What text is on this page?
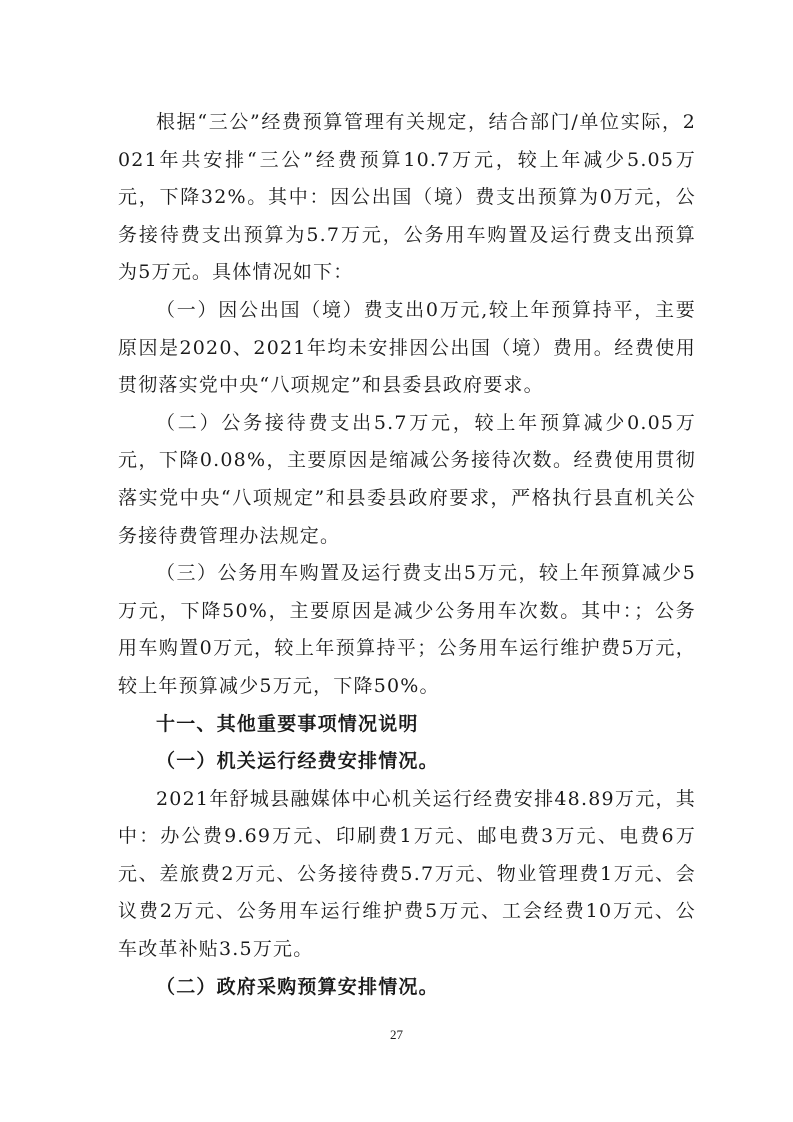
根据“三公”经费预算管理有关规定，结合部门/单位实际，2021年共安排“三公”经费预算10.7万元，较上年减少5.05万元，下降32%。其中：因公出国（境）费支出预算为0万元，公务接待费支出预算为5.7万元，公务用车购置及运行费支出预算为5万元。具体情况如下：

（一）因公出国（境）费支出0万元,较上年预算持平，主要原因是2020、2021年均未安排因公出国（境）费用。经费使用贯彻落实党中央“八项规定”和县委县政府要求。

（二）公务接待费支出5.7万元，较上年预算减少0.05万元，下降0.08%，主要原因是缩减公务接待次数。经费使用贯彻落实党中央“八项规定”和县委县政府要求，严格执行县直机关公务接待费管理办法规定。

（三）公务用车购置及运行费支出5万元，较上年预算减少5万元，下降50%，主要原因是减少公务用车次数。其中：；公务用车购置0万元，较上年预算持平；公务用车运行维护费5万元，较上年预算减少5万元，下降50%。

十一、其他重要事项情况说明

（一）机关运行经费安排情况。

2021年舒城县融媒体中心机关运行经费安排48.89万元，其中：办公费9.69万元、印刷费1万元、邮电费3万元、电费6万元、差旅费2万元、公务接待费5.7万元、物业管理费1万元、会议费2万元、公务用车运行维护费5万元、工会经费10万元、公车改革补贴3.5万元。

（二）政府采购预算安排情况。

27
